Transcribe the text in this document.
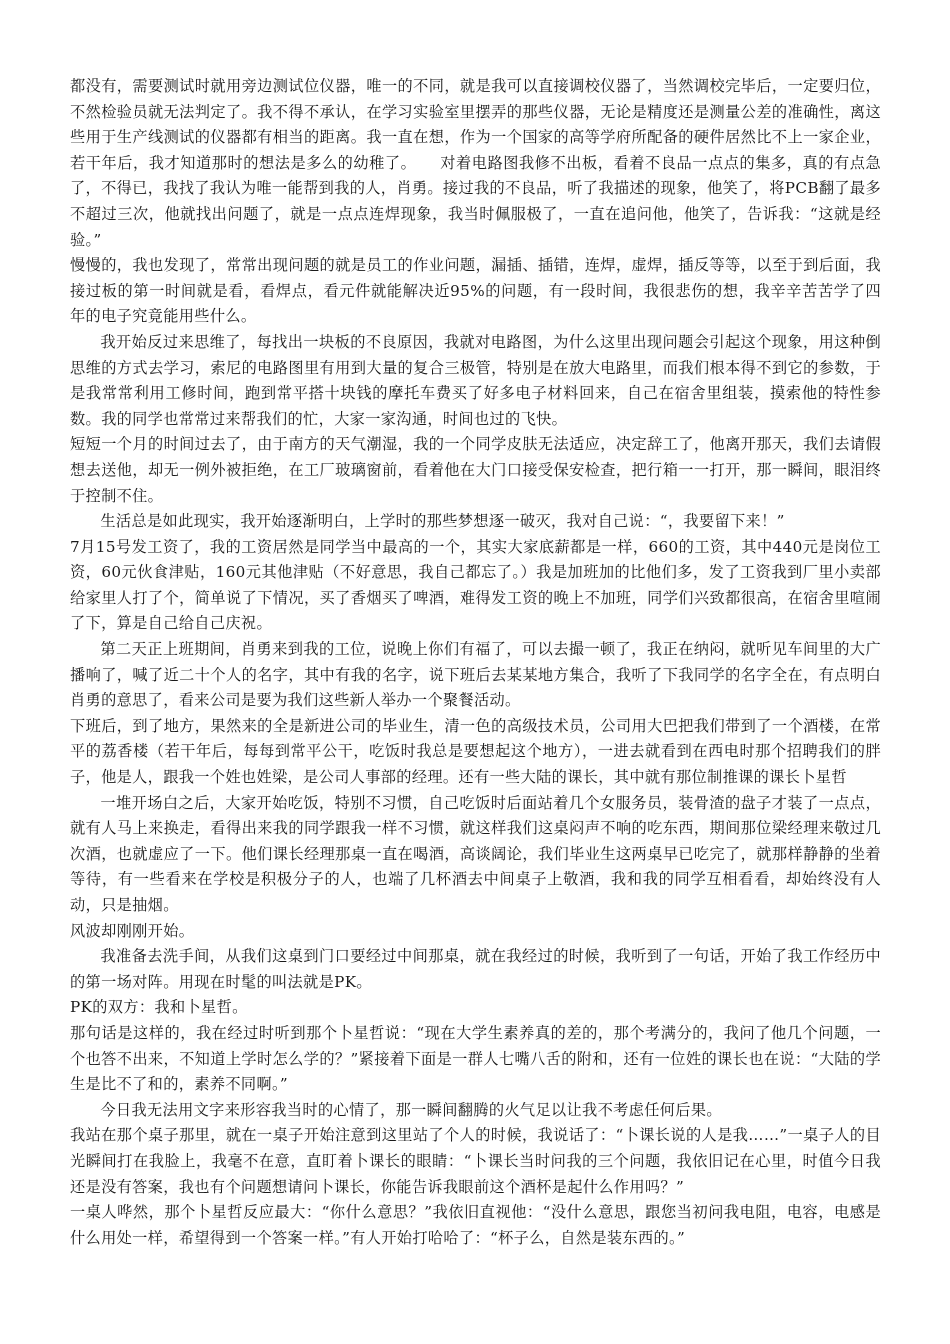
都没有，需要测试时就用旁边测试位仪器，唯一的不同，就是我可以直接调校仪器了，当然调校完毕后，一定要归位，不然检验员就无法判定了。我不得不承认，在学习实验室里摆弄的那些仪器，无论是精度还是测量公差的准确性，离这些用于生产线测试的仪器都有相当的距离。我一直在想，作为一个国家的高等学府所配备的硬件居然比不上一家企业，若干年后，我才知道那时的想法是多么的幼稚了。　　对着电路图我修不出板，看着不良品一点点的集多，真的有点急了，不得已，我找了我认为唯一能帮到我的人，肖勇。接过我的不良品，听了我描述的现象，他笑了，将PCB翻了最多不超过三次，他就找出问题了，就是一点点连焊现象，我当时佩服极了，一直在追问他，他笑了，告诉我：“这就是经验。”

慢慢的，我也发现了，常常出现问题的就是员工的作业问题，漏插、插错，连焊，虚焊，插反等等，以至于到后面，我接过板的第一时间就是看，看焊点，看元件就能解决近95%的问题，有一段时间，我很悲伤的想，我辛辛苦苦学了四年的电子究竟能用些什么。

我开始反过来思维了，每找出一块板的不良原因，我就对电路图，为什么这里出现问题会引起这个现象，用这种倒思维的方式去学习，索尼的电路图里有用到大量的复合三极管，特别是在放大电路里，而我们根本得不到它的参数，于是我常常利用工修时间，跑到常平搭十块钱的摩托车费买了好多电子材料回来，自己在宿舍里组装，摸索他的特性参数。我的同学也常常过来帮我们的忙，大家一家沟通，时间也过的飞快。

短短一个月的时间过去了，由于南方的天气潮湿，我的一个同学皮肤无法适应，决定辞工了，他离开那天，我们去请假想去送他，却无一例外被拒绝，在工厂玻璃窗前，看着他在大门口接受保安检查，把行箱一一打开，那一瞬间，眼泪终于控制不住。

生活总是如此现实，我开始逐渐明白，上学时的那些梦想逐一破灭，我对自己说：“，我要留下来！”

7月15号发工资了，我的工资居然是同学当中最高的一个，其实大家底薪都是一样，660的工资，其中440元是岗位工资，60元伙食津贴，160元其他津贴（不好意思，我自己都忘了。）我是加班加的比他们多，发了工资我到厂里小卖部给家里人打了个，简单说了下情况，买了香烟买了啤酒，难得发工资的晚上不加班，同学们兴致都很高，在宿舍里喧闹了下，算是自己给自己庆祝。

第二天正上班期间，肖勇来到我的工位，说晚上你们有福了，可以去撮一顿了，我正在纳闷，就听见车间里的大广播响了，喊了近二十个人的名字，其中有我的名字，说下班后去某某地方集合，我听了下我同学的名字全在，有点明白肖勇的意思了，看来公司是要为我们这些新人举办一个聚餐活动。

下班后，到了地方，果然来的全是新进公司的毕业生，清一色的高级技术员，公司用大巴把我们带到了一个酒楼，在常平的荔香楼（若干年后，每每到常平公干，吃饭时我总是要想起这个地方），一进去就看到在西电时那个招聘我们的胖子，他是人，跟我一个姓也姓梁，是公司人事部的经理。还有一些大陆的课长，其中就有那位制推课的课长卜星哲

一堆开场白之后，大家开始吃饭，特别不习惯，自己吃饭时后面站着几个女服务员，装骨渣的盘子才装了一点点，就有人马上来换走，看得出来我的同学跟我一样不习惯，就这样我们这桌闷声不响的吃东西，期间那位梁经理来敬过几次酒，也就虚应了一下。他们课长经理那桌一直在喝酒，高谈阔论，我们毕业生这两桌早已吃完了，就那样静静的坐着等待，有一些看来在学校是积极分子的人，也端了几杯酒去中间桌子上敬酒，我和我的同学互相看看，却始终没有人动，只是抽烟。

风波却刚刚开始。

我准备去洗手间，从我们这桌到门口要经过中间那桌，就在我经过的时候，我听到了一句话，开始了我工作经历中的第一场对阵。用现在时髦的叫法就是PK。

PK的双方：我和卜星哲。

那句话是这样的，我在经过时听到那个卜星哲说：“现在大学生素养真的差的，那个考满分的，我问了他几个问题，一个也答不出来，不知道上学时怎么学的？”紧接着下面是一群人七嘴八舌的附和，还有一位姓的课长也在说：“大陆的学生是比不了和的，素养不同啊。”

今日我无法用文字来形容我当时的心情了，那一瞬间翻腾的火气足以让我不考虑任何后果。

我站在那个桌子那里，就在一桌子开始注意到这里站了个人的时候，我说话了：“卜课长说的人是我……”一桌子人的目光瞬间打在我脸上，我毫不在意，直盯着卜课长的眼睛：“卜课长当时问我的三个问题，我依旧记在心里，时值今日我还是没有答案，我也有个问题想请问卜课长，你能告诉我眼前这个酒杯是起什么作用吗？”

一桌人哗然，那个卜星哲反应最大：“你什么意思？”我依旧直视他：“没什么意思，跟您当初问我电阻，电容，电感是什么用处一样，希望得到一个答案一样。”有人开始打哈哈了：“杯子么，自然是装东西的。”
